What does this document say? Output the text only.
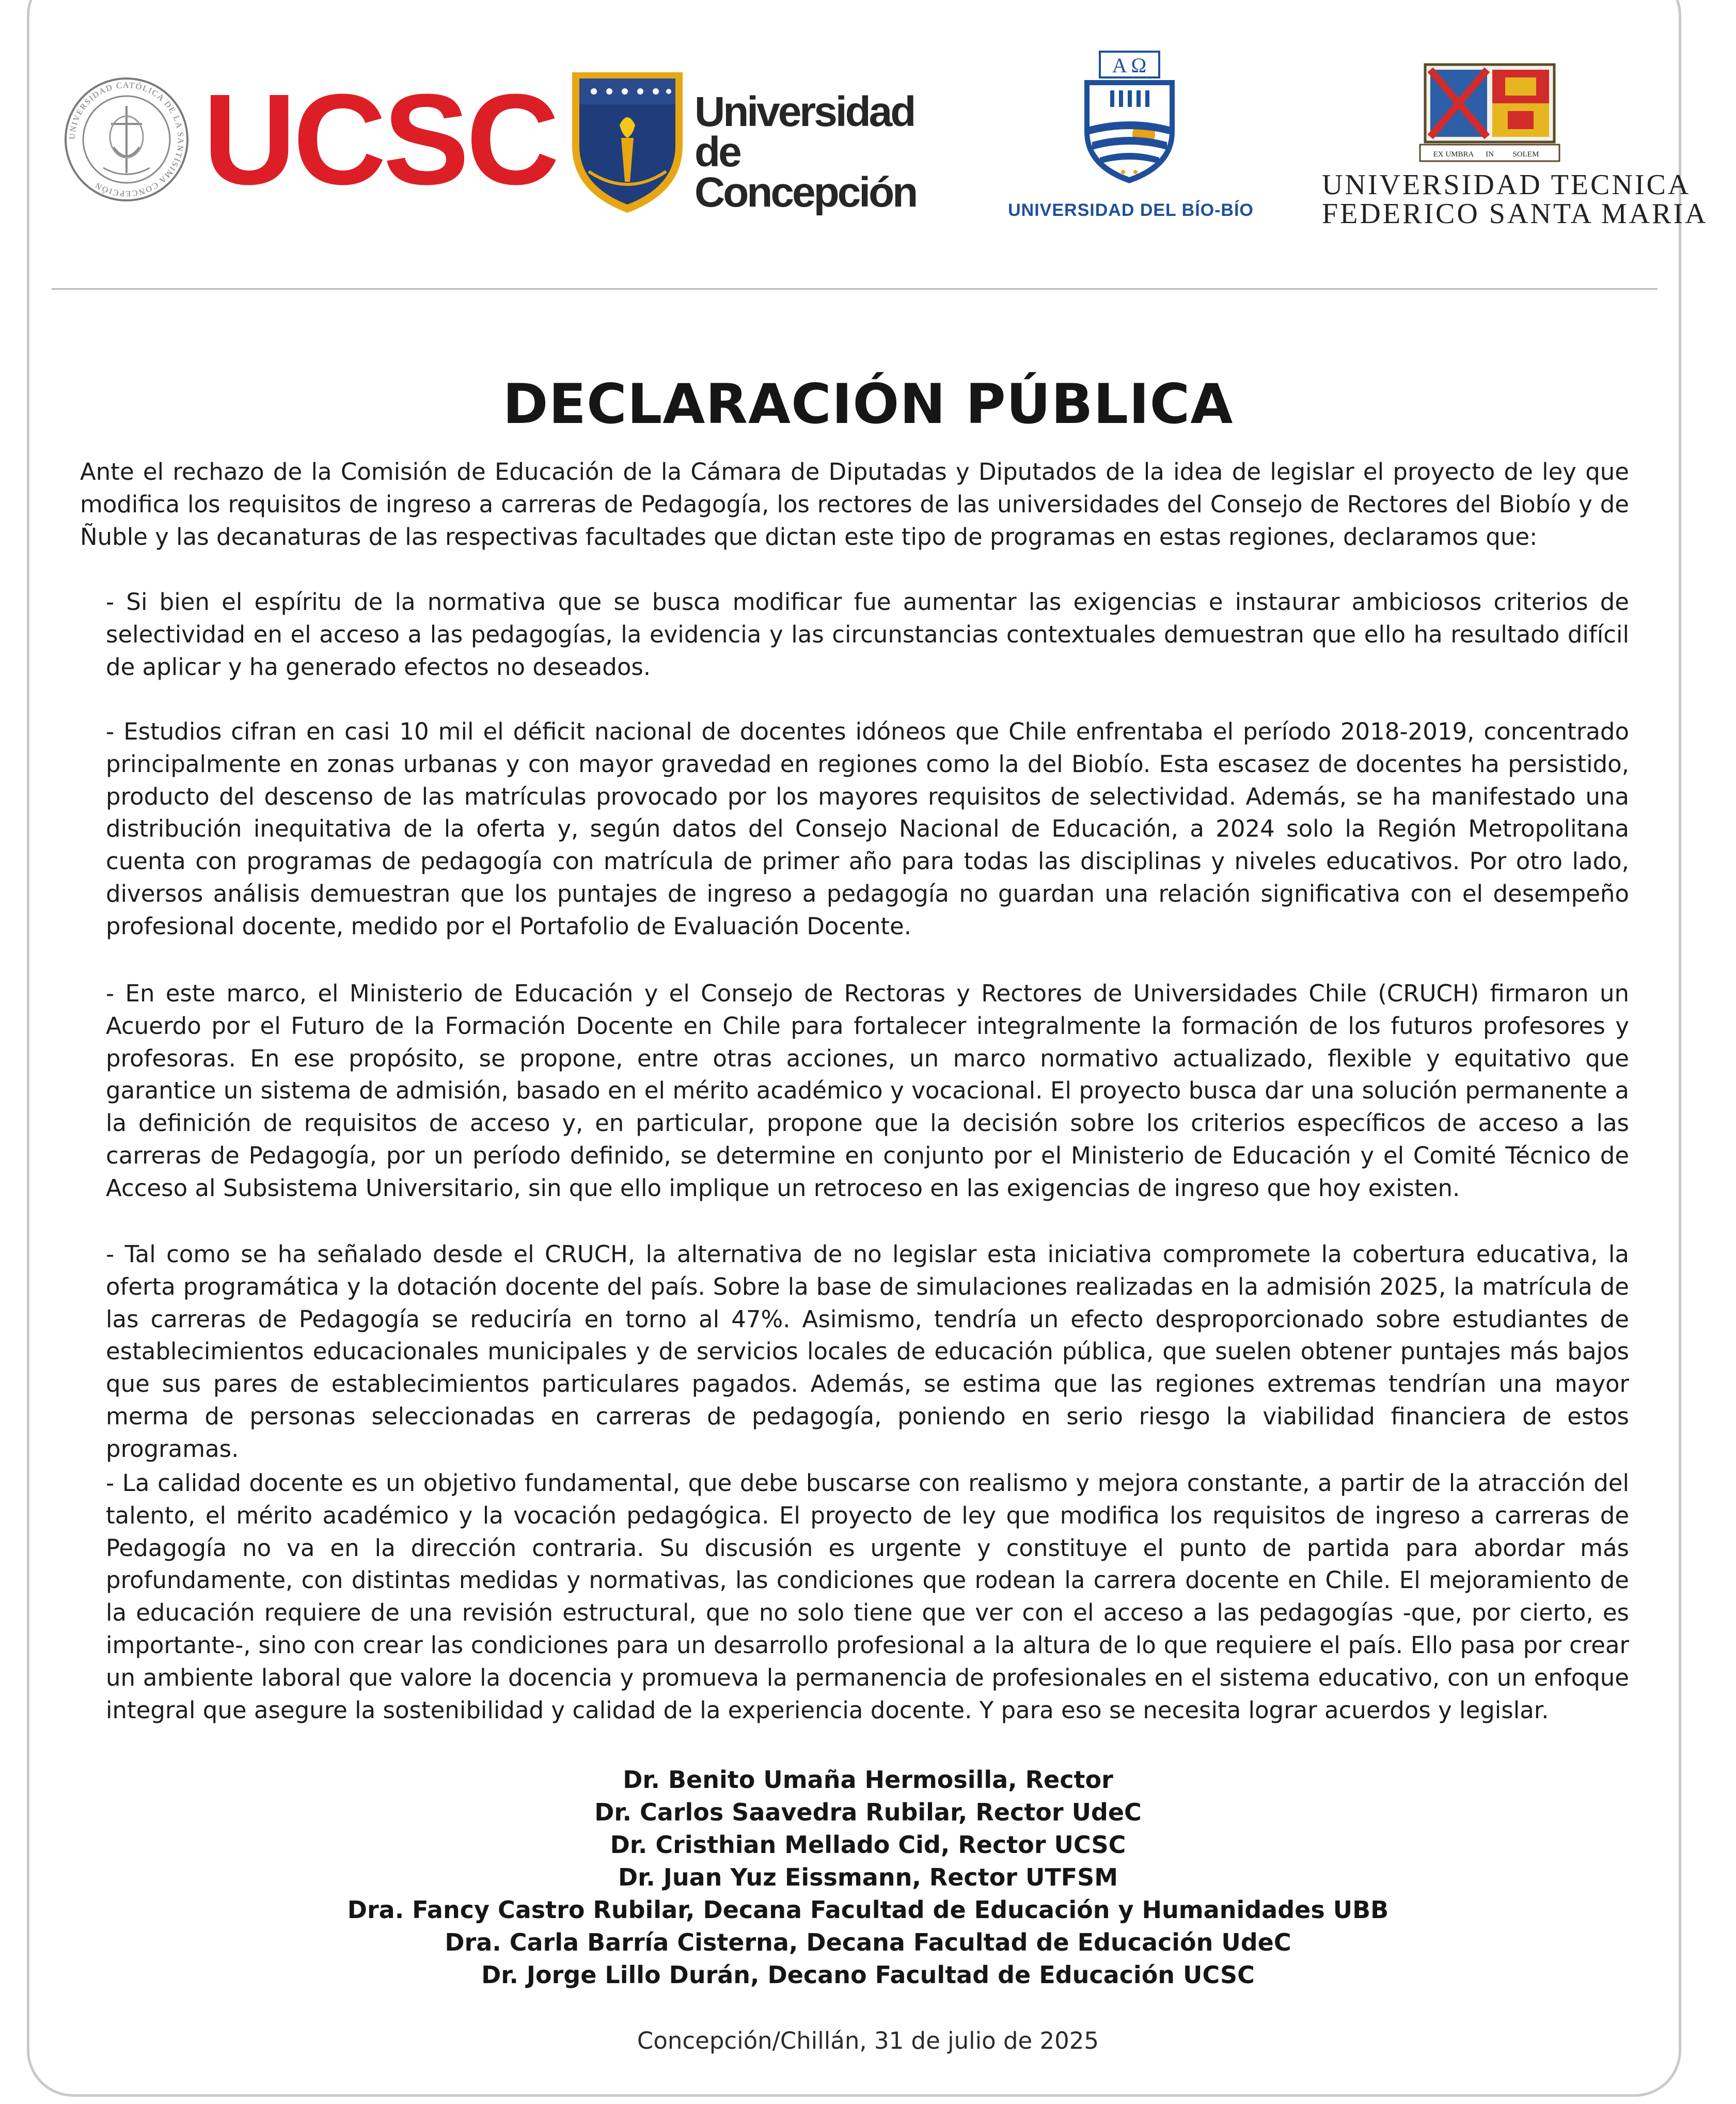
UNIVERSIDAD CATÓLICA DE LA SANTÍSIMA CONCEPCIÓN UCSC	Universidad
de Concepción
A Ω
UNIVERSIDAD DEL BÍO-BÍO
EX UMBRA IN SOLEM
UNIVERSIDAD TECNICA
FEDERICO SANTA MARIA
DECLARACIÓN PÚBLICA

Ante el rechazo de la Comisión de Educación de la Cámara de Diputadas y Diputados de la idea de legislar el proyecto de ley que modifica los requisitos de ingreso a carreras de Pedagogía, los rectores de las universidades del Consejo de Rectores del Biobío y de Ñuble y las decanaturas de las respectivas facultades que dictan este tipo de programas en estas regiones, declaramos que:

- Si bien el espíritu de la normativa que se busca modificar fue aumentar las exigencias e instaurar ambiciosos criterios de selectividad en el acceso a las pedagogías, la evidencia y las circunstancias contextuales demuestran que ello ha resultado difícil de aplicar y ha generado efectos no deseados.

- Estudios cifran en casi 10 mil el déficit nacional de docentes idóneos que Chile enfrentaba el período 2018-2019, concentrado principalmente en zonas urbanas y con mayor gravedad en regiones como la del Biobío. Esta escasez de docentes ha persistido, producto del descenso de las matrículas provocado por los mayores requisitos de selectividad. Además, se ha manifestado una distribución inequitativa de la oferta y, según datos del Consejo Nacional de Educación, a 2024 solo la Región Metropolitana cuenta con programas de pedagogía con matrícula de primer año para todas las disciplinas y niveles educativos. Por otro lado, diversos análisis demuestran que los puntajes de ingreso a pedagogía no guardan una relación significativa con el desempeño profesional docente, medido por el Portafolio de Evaluación Docente.

- En este marco, el Ministerio de Educación y el Consejo de Rectoras y Rectores de Universidades Chile (CRUCH) firmaron un Acuerdo por el Futuro de la Formación Docente en Chile para fortalecer integralmente la formación de los futuros profesores y profesoras. En ese propósito, se propone, entre otras acciones, un marco normativo actualizado, flexible y equitativo que garantice un sistema de admisión, basado en el mérito académico y vocacional. El proyecto busca dar una solución permanente a la definición de requisitos de acceso y, en particular, propone que la decisión sobre los criterios específicos de acceso a las carreras de Pedagogía, por un período definido, se determine en conjunto por el Ministerio de Educación y el Comité Técnico de Acceso al Subsistema Universitario, sin que ello implique un retroceso en las exigencias de ingreso que hoy existen.

- Tal como se ha señalado desde el CRUCH, la alternativa de no legislar esta iniciativa compromete la cobertura educativa, la oferta programática y la dotación docente del país. Sobre la base de simulaciones realizadas en la admisión 2025, la matrícula de las carreras de Pedagogía se reduciría en torno al 47%. Asimismo, tendría un efecto desproporcionado sobre estudiantes de establecimientos educacionales municipales y de servicios locales de educación pública, que suelen obtener puntajes más bajos que sus pares de establecimientos particulares pagados. Además, se estima que las regiones extremas tendrían una mayor merma de personas seleccionadas en carreras de pedagogía, poniendo en serio riesgo la viabilidad financiera de estos programas.

- La calidad docente es un objetivo fundamental, que debe buscarse con realismo y mejora constante, a partir de la atracción del talento, el mérito académico y la vocación pedagógica. El proyecto de ley que modifica los requisitos de ingreso a carreras de Pedagogía no va en la dirección contraria. Su discusión es urgente y constituye el punto de partida para abordar más profundamente, con distintas medidas y normativas, las condiciones que rodean la carrera docente en Chile. El mejoramiento de la educación requiere de una revisión estructural, que no solo tiene que ver con el acceso a las pedagogías -que, por cierto, es importante-, sino con crear las condiciones para un desarrollo profesional a la altura de lo que requiere el país. Ello pasa por crear un ambiente laboral que valore la docencia y promueva la permanencia de profesionales en el sistema educativo, con un enfoque integral que asegure la sostenibilidad y calidad de la experiencia docente. Y para eso se necesita lograr acuerdos y legislar.

Dr. Benito Umaña Hermosilla, Rector
Dr. Carlos Saavedra Rubilar, Rector UdeC
Dr. Cristhian Mellado Cid, Rector UCSC
Dr. Juan Yuz Eissmann, Rector UTFSM
Dra. Fancy Castro Rubilar, Decana Facultad de Educación y Humanidades UBB
Dra. Carla Barría Cisterna, Decana Facultad de Educación UdeC
Dr. Jorge Lillo Durán, Decano Facultad de Educación UCSC
Concepción/Chillán, 31 de julio de 2025
